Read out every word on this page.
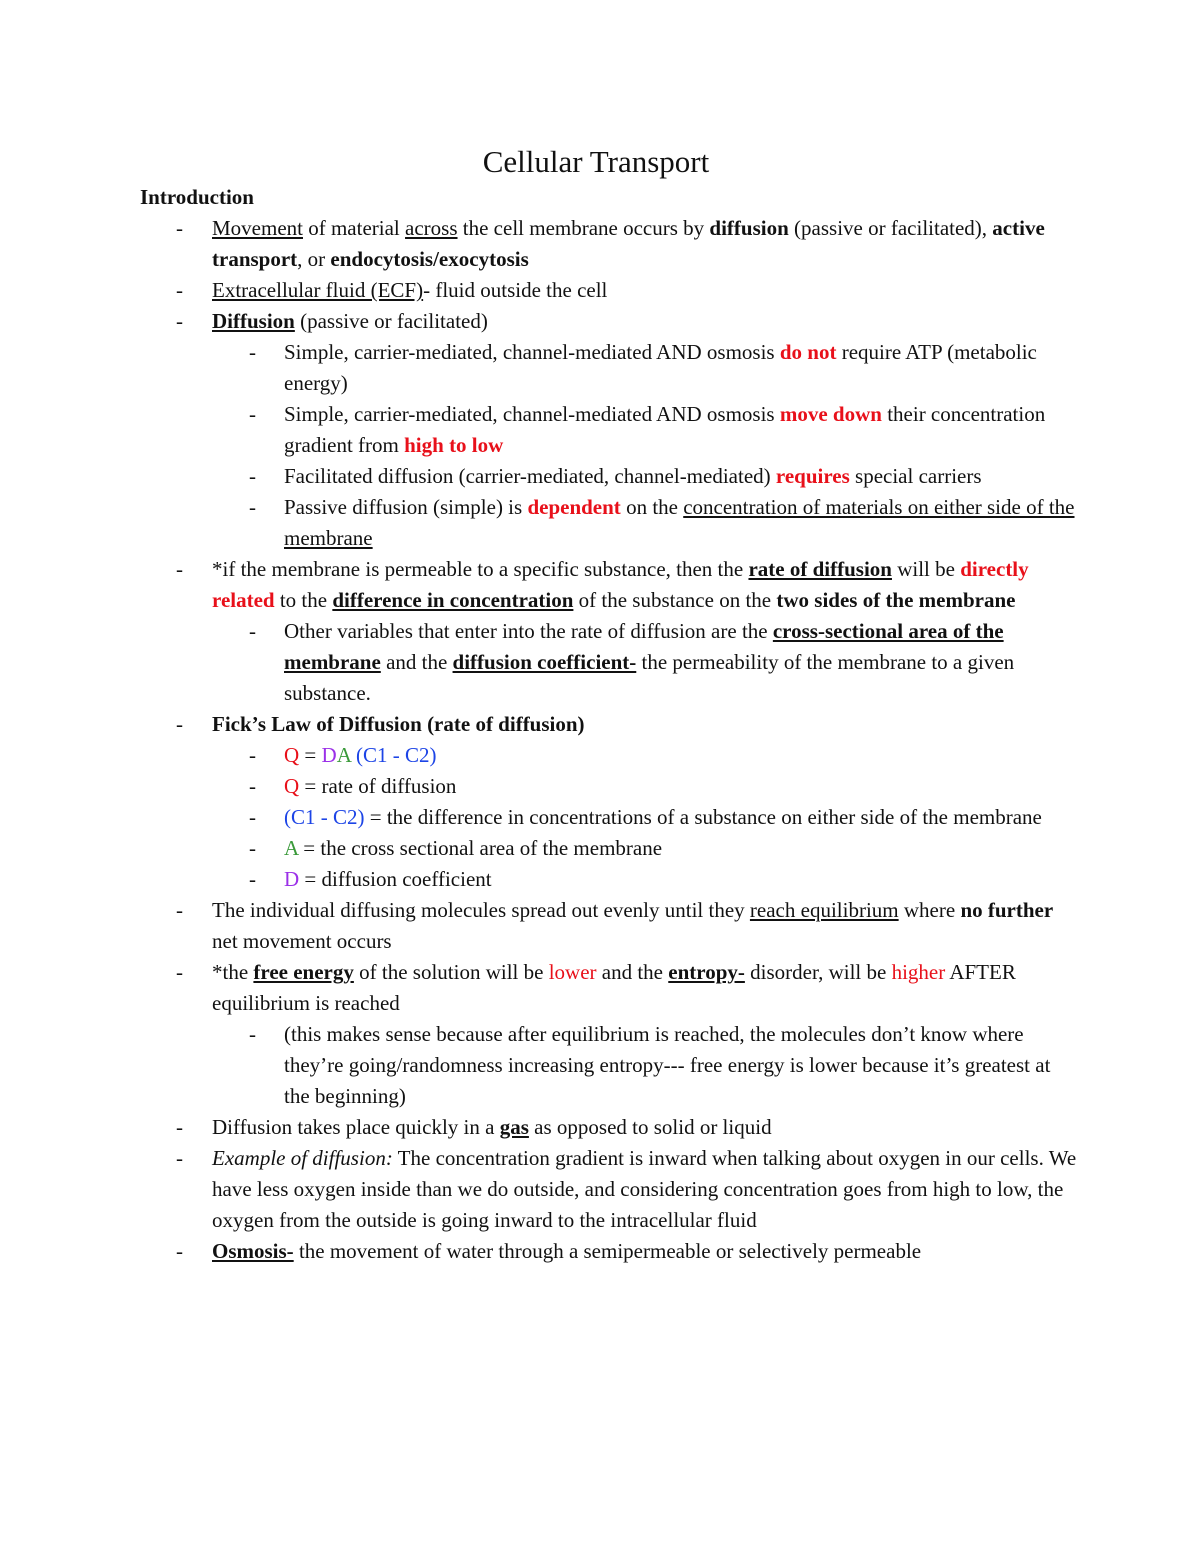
Cellular Transport
Introduction
- Movement of material across the cell membrane occurs by diffusion (passive or facilitated), active transport, or endocytosis/exocytosis
- Extracellular fluid (ECF)- fluid outside the cell
- Diffusion (passive or facilitated)
- Simple, carrier-mediated, channel-mediated AND osmosis do not require ATP (metabolic energy)
- Simple, carrier-mediated, channel-mediated AND osmosis move down their concentration gradient from high to low
- Facilitated diffusion (carrier-mediated, channel-mediated) requires special carriers
- Passive diffusion (simple) is dependent on the concentration of materials on either side of the membrane
- *if the membrane is permeable to a specific substance, then the rate of diffusion will be directly related to the difference in concentration of the substance on the two sides of the membrane
- Other variables that enter into the rate of diffusion are the cross-sectional area of the membrane and the diffusion coefficient- the permeability of the membrane to a given substance.
- Fick’s Law of Diffusion (rate of diffusion)
- Q = DA (C1 - C2)
- Q = rate of diffusion
- (C1 - C2) = the difference in concentrations of a substance on either side of the membrane
- A = the cross sectional area of the membrane
- D = diffusion coefficient
- The individual diffusing molecules spread out evenly until they reach equilibrium where no further net movement occurs
- *the free energy of the solution will be lower and the entropy- disorder, will be higher AFTER equilibrium is reached
- (this makes sense because after equilibrium is reached, the molecules don’t know where they’re going/randomness increasing entropy--- free energy is lower because it’s greatest at the beginning)
- Diffusion takes place quickly in a gas as opposed to solid or liquid
- Example of diffusion: The concentration gradient is inward when talking about oxygen in our cells. We have less oxygen inside than we do outside, and considering concentration goes from high to low, the oxygen from the outside is going inward to the intracellular fluid
- Osmosis- the movement of water through a semipermeable or selectively permeable
